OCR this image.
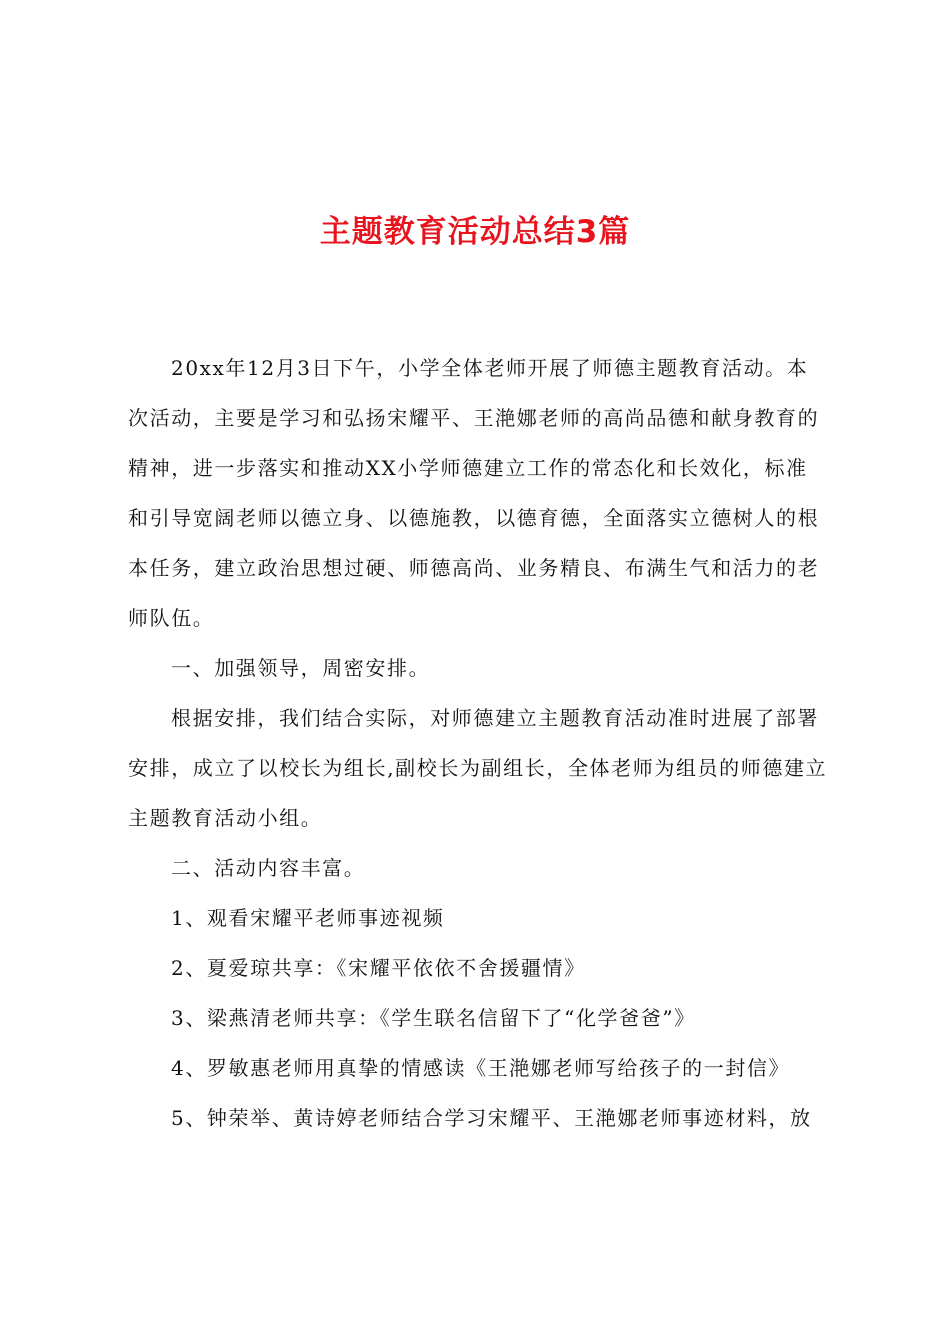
主题教育活动总结3篇

20xx年12月3日下午，小学全体老师开展了师德主题教育活动。本次活动，主要是学习和弘扬宋耀平、王滟娜老师的高尚品德和献身教育的精神，进一步落实和推动XX小学师德建立工作的常态化和长效化，标准和引导宽阔老师以德立身、以德施教，以德育德，全面落实立德树人的根本任务，建立政治思想过硬、师德高尚、业务精良、布满生气和活力的老师队伍。

一、加强领导，周密安排。

根据安排，我们结合实际，对师德建立主题教育活动准时进展了部署安排，成立了以校长为组长,副校长为副组长，全体老师为组员的师德建立主题教育活动小组。

二、活动内容丰富。

1、观看宋耀平老师事迹视频

2、夏爱琼共享：《宋耀平依依不舍援疆情》

3、梁燕清老师共享：《学生联名信留下了“化学爸爸”》

4、罗敏惠老师用真挚的情感读《王滟娜老师写给孩子的一封信》

5、钟荣举、黄诗婷老师结合学习宋耀平、王滟娜老师事迹材料，放
